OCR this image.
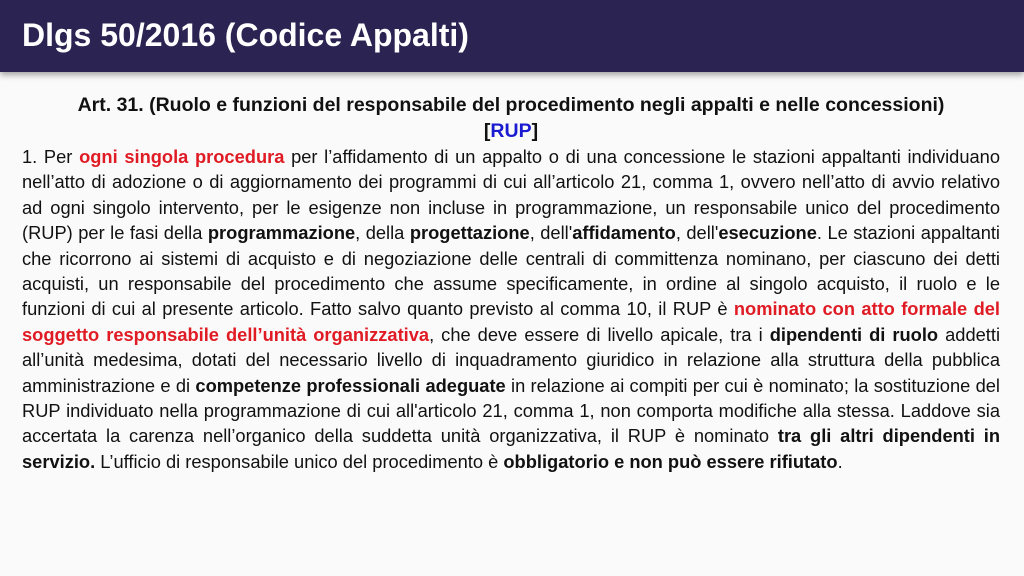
Dlgs 50/2016 (Codice Appalti)
Art. 31. (Ruolo e funzioni del responsabile del procedimento negli appalti e nelle concessioni)
[RUP]
1. Per ogni singola procedura per l’affidamento di un appalto o di una concessione le stazioni appaltanti individuano nell’atto di adozione o di aggiornamento dei programmi di cui all’articolo 21, comma 1, ovvero nell’atto di avvio relativo ad ogni singolo intervento, per le esigenze non incluse in programmazione, un responsabile unico del procedimento (RUP) per le fasi della programmazione, della progettazione, dell'affidamento, dell'esecuzione. Le stazioni appaltanti che ricorrono ai sistemi di acquisto e di negoziazione delle centrali di committenza nominano, per ciascuno dei detti acquisti, un responsabile del procedimento che assume specificamente, in ordine al singolo acquisto, il ruolo e le funzioni di cui al presente articolo. Fatto salvo quanto previsto al comma 10, il RUP è nominato con atto formale del soggetto responsabile dell’unità organizzativa, che deve essere di livello apicale, tra i dipendenti di ruolo addetti all’unità medesima, dotati del necessario livello di inquadramento giuridico in relazione alla struttura della pubblica amministrazione e di competenze professionali adeguate in relazione ai compiti per cui è nominato; la sostituzione del RUP individuato nella programmazione di cui all'articolo 21, comma 1, non comporta modifiche alla stessa. Laddove sia accertata la carenza nell’organico della suddetta unità organizzativa, il RUP è nominato tra gli altri dipendenti in servizio. L’ufficio di responsabile unico del procedimento è obbligatorio e non può essere rifiutato.
